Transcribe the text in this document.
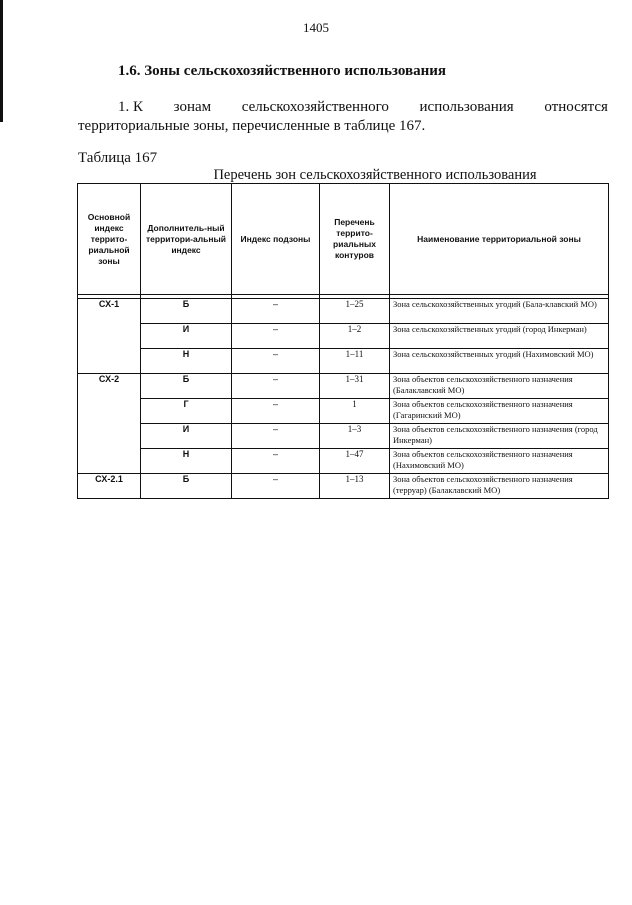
1405
1.6. Зоны сельскохозяйственного использования
1. К зонам сельскохозяйственного использования относятся
территориальные зоны, перечисленные в таблице 167.
Таблица 167
Перечень зон сельскохозяйственного использования
Основной индекс террито-риальной зоны	Дополнитель-ный территори-альный индекс	Индекс подзоны	Перечень террито-риальных контуров	Наименование территориальной зоны

СХ-1	Б	–	1–25	Зона сельскохозяйственных угодий (Бала-клавский МО)
	И	–	1–2	Зона сельскохозяйственных угодий (город Инкерман)
	Н	–	1–11	Зона сельскохозяйственных угодий (Нахимовский МО)
СХ-2	Б	–	1–31	Зона объектов сельскохозяйственного назначения (Балаклавский МО)
	Г	–	1	Зона объектов сельскохозяйственного назначения (Гагаринский МО)
	И	–	1–3	Зона объектов сельскохозяйственного назначения (город Инкерман)
	Н	–	1–47	Зона объектов сельскохозяйственного назначения (Нахимовский МО)
СХ-2.1	Б	–	1–13	Зона объектов сельскохозяйственного назначения (терруар) (Балаклавский МО)
